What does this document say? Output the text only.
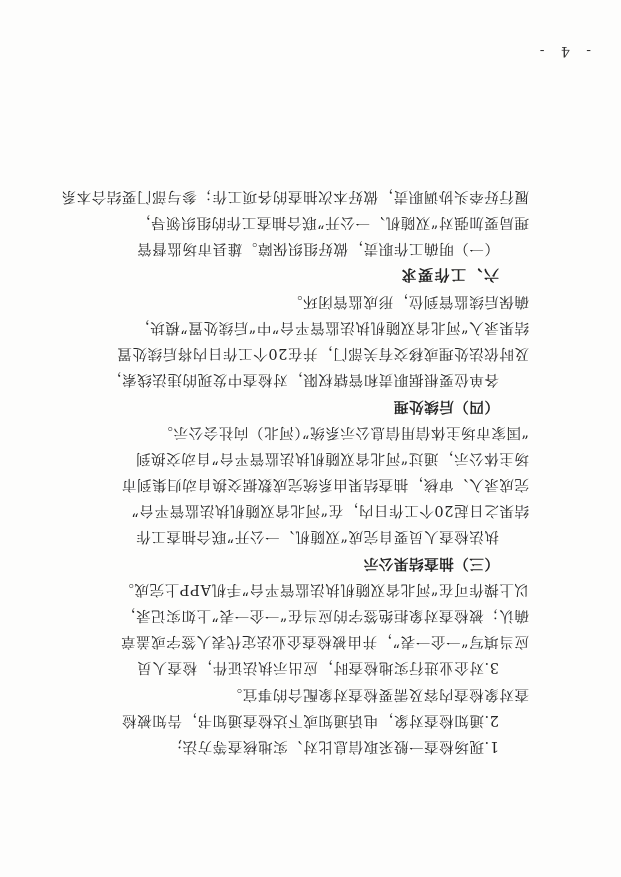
1.现场检查一般采取信息比对、实地核查等方法;
2.通知检查对象，电话通知或下达检查通知书，告知被检
查对象检查内容及需要检查对象配合的事宜。
3.对企业进行实地检查时，应出示执法证件，检查人员
应当填写“一企一表”，并由被检查企业法定代表人签字或盖章
确认；被检查对象拒绝签字的应当在“一企一表”上如实记录，
以上操作可在“河北省双随机执法监管平台”手机APP上完成。
（三）抽查结果公示
执法检查人员要自完成“双随机、一公开”联合抽查工作
结果之日起20个工作日内，在“河北省双随机执法监管平台”
完成录入、审核，抽查结果由系统完成数据交换自动归集到市
场主体公示，通过“河北省双随机执法监管平台”自动交换到
“国家市场主体信用信息公示系统”（河北）向社会公示。
（四）后续处理
各单位要根据职责和管辖权限，对检查中发现的违法线索，
及时依法处理或移交有关部门，并在20个工作日内将后续处置
结果录入“河北省双随机执法监管平台”中“后续处置”模块，
确保后续监管到位，形成监管闭环。
六、工作要求
（一）明确工作职责，做好组织保障。雄县市场监督管
理局要加强对“双随机、一公开”联合抽查工作的组织领导，
履行好牵头协调职责，做好本次抽查的各项工作；参与部门要结合本系
- 4 -
